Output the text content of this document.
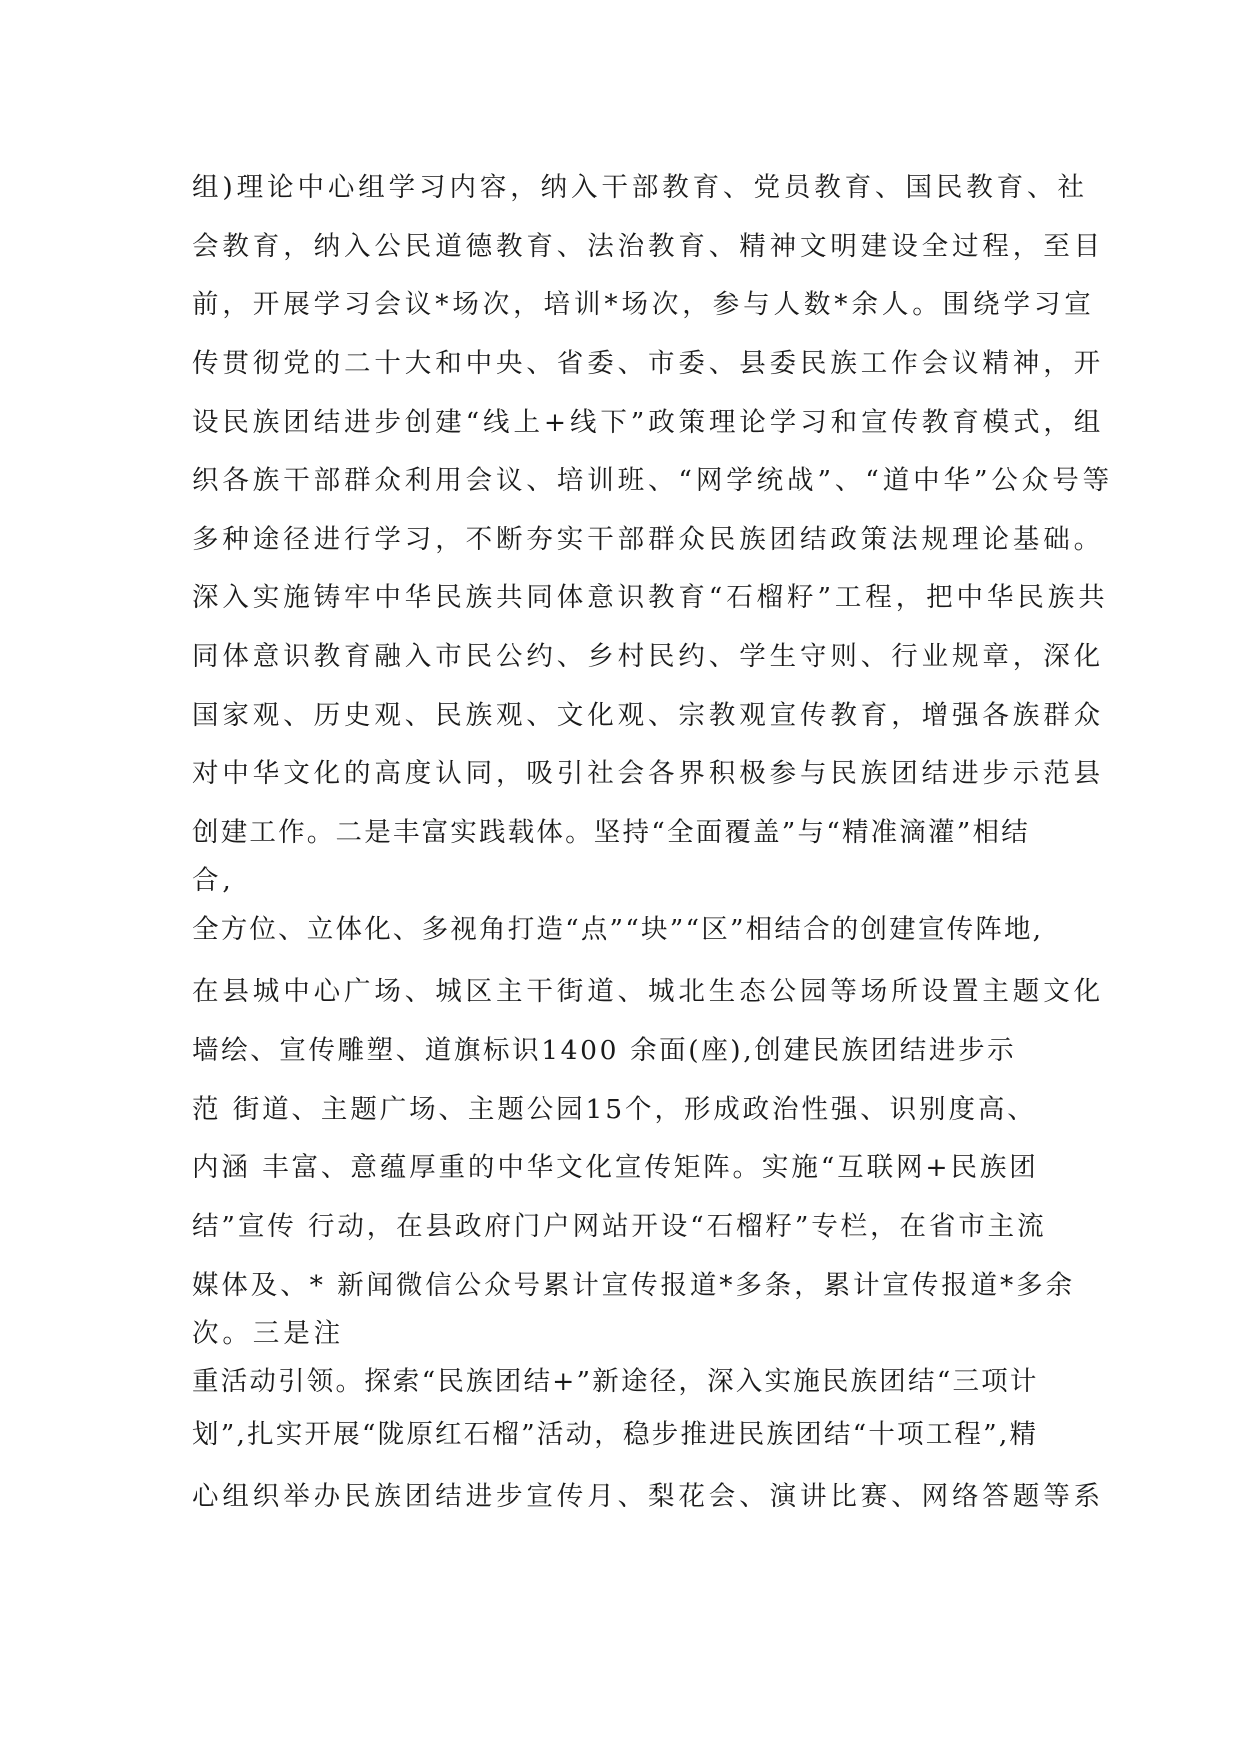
组)理论中心组学习内容，纳入干部教育、党员教育、国民教育、社
会教育，纳入公民道德教育、法治教育、精神文明建设全过程，至目
前，开展学习会议*场次，培训*场次，参与人数*余人。围绕学习宣
传贯彻党的二十大和中央、省委、市委、县委民族工作会议精神，开
设民族团结进步创建“线上+线下”政策理论学习和宣传教育模式，组
织各族干部群众利用会议、培训班、“网学统战”、“道中华”公众号等
多种途径进行学习，不断夯实干部群众民族团结政策法规理论基础。
深入实施铸牢中华民族共同体意识教育“石榴籽”工程，把中华民族共
同体意识教育融入市民公约、乡村民约、学生守则、行业规章，深化
国家观、历史观、民族观、文化观、宗教观宣传教育，增强各族群众
对中华文化的高度认同，吸引社会各界积极参与民族团结进步示范县
创建工作。二是丰富实践载体。坚持“全面覆盖”与“精准滴灌”相结
合,
全方位、立体化、多视角打造“点”“块”“区”相结合的创建宣传阵地,
在县城中心广场、城区主干街道、城北生态公园等场所设置主题文化
墙绘、宣传雕塑、道旗标识1400 余面(座),创建民族团结进步示
范 街道、主题广场、主题公园15个，形成政治性强、识别度高、
内涵 丰富、意蕴厚重的中华文化宣传矩阵。实施“互联网+民族团
结”宣传 行动，在县政府门户网站开设“石榴籽”专栏，在省市主流
媒体及、* 新闻微信公众号累计宣传报道*多条，累计宣传报道*多余
次。三是注
重活动引领。探索“民族团结+”新途径，深入实施民族团结“三项计
划”,扎实开展“陇原红石榴”活动，稳步推进民族团结“十项工程”,精
心组织举办民族团结进步宣传月、梨花会、演讲比赛、网络答题等系
